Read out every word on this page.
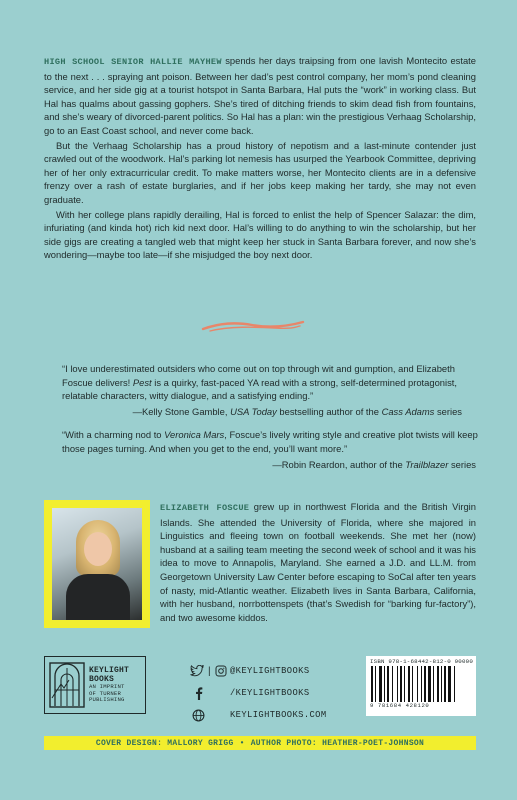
HIGH SCHOOL SENIOR HALLIE MAYHEW spends her days traipsing from one lavish Montecito estate to the next . . . spraying ant poison. Between her dad’s pest control company, her mom’s pond cleaning service, and her side gig at a tourist hotspot in Santa Barbara, Hal puts the “work” in working class. But Hal has qualms about gassing gophers. She’s tired of ditching friends to skim dead fish from fountains, and she’s weary of divorced-parent politics. So Hal has a plan: win the prestigious Verhaag Scholarship, go to an East Coast school, and never come back.

But the Verhaag Scholarship has a proud history of nepotism and a last-minute contender just crawled out of the woodwork. Hal’s parking lot nemesis has usurped the Yearbook Committee, depriving her of her only extracurricular credit. To make matters worse, her Montecito clients are in a defensive frenzy over a rash of estate burglaries, and if her jobs keep making her tardy, she may not even graduate.

With her college plans rapidly derailing, Hal is forced to enlist the help of Spencer Salazar: the dim, infuriating (and kinda hot) rich kid next door. Hal’s willing to do anything to win the scholarship, but her side gigs are creating a tangled web that might keep her stuck in Santa Barbara forever, and now she’s wondering—maybe too late—if she misjudged the boy next door.

“I love underestimated outsiders who come out on top through wit and gumption, and Elizabeth Foscue delivers! Pest is a quirky, fast-paced YA read with a strong, self-determined protagonist, relatable characters, witty dialogue, and a satisfying ending.”

—Kelly Stone Gamble, USA Today bestselling author of the Cass Adams series

“With a charming nod to Veronica Mars, Foscue’s lively writing style and creative plot twists will keep those pages turning. And when you get to the end, you’ll want more.”

—Robin Reardon, author of the Trailblazer series

ELIZABETH FOSCUE grew up in northwest Florida and the British Virgin Islands. She attended the University of Florida, where she majored in Linguistics and fleeing town on football weekends. She met her (now) husband at a sailing team meeting the second week of school and it was his idea to move to Annapolis, Maryland. She earned a J.D. and LL.M. from Georgetown University Law Center before escaping to SoCal after ten years of nasty, mid-Atlantic weather. Elizabeth lives in Santa Barbara, California, with her husband, norrbottenspets (that’s Swedish for “barking fur-factory”), and two awesome kiddos.

KEYLIGHT
BOOKS
AN IMPRINT
OF TURNER
PUBLISHING
| @KEYLIGHTBOOKS
/KEYLIGHTBOOKS
KEYLIGHTBOOKS.COM
ISBN 978-1-68442-812-0 90000
9 781684 428120
COVER DESIGN: MALLORY GRIGG • AUTHOR PHOTO: HEATHER-POET-JOHNSON
